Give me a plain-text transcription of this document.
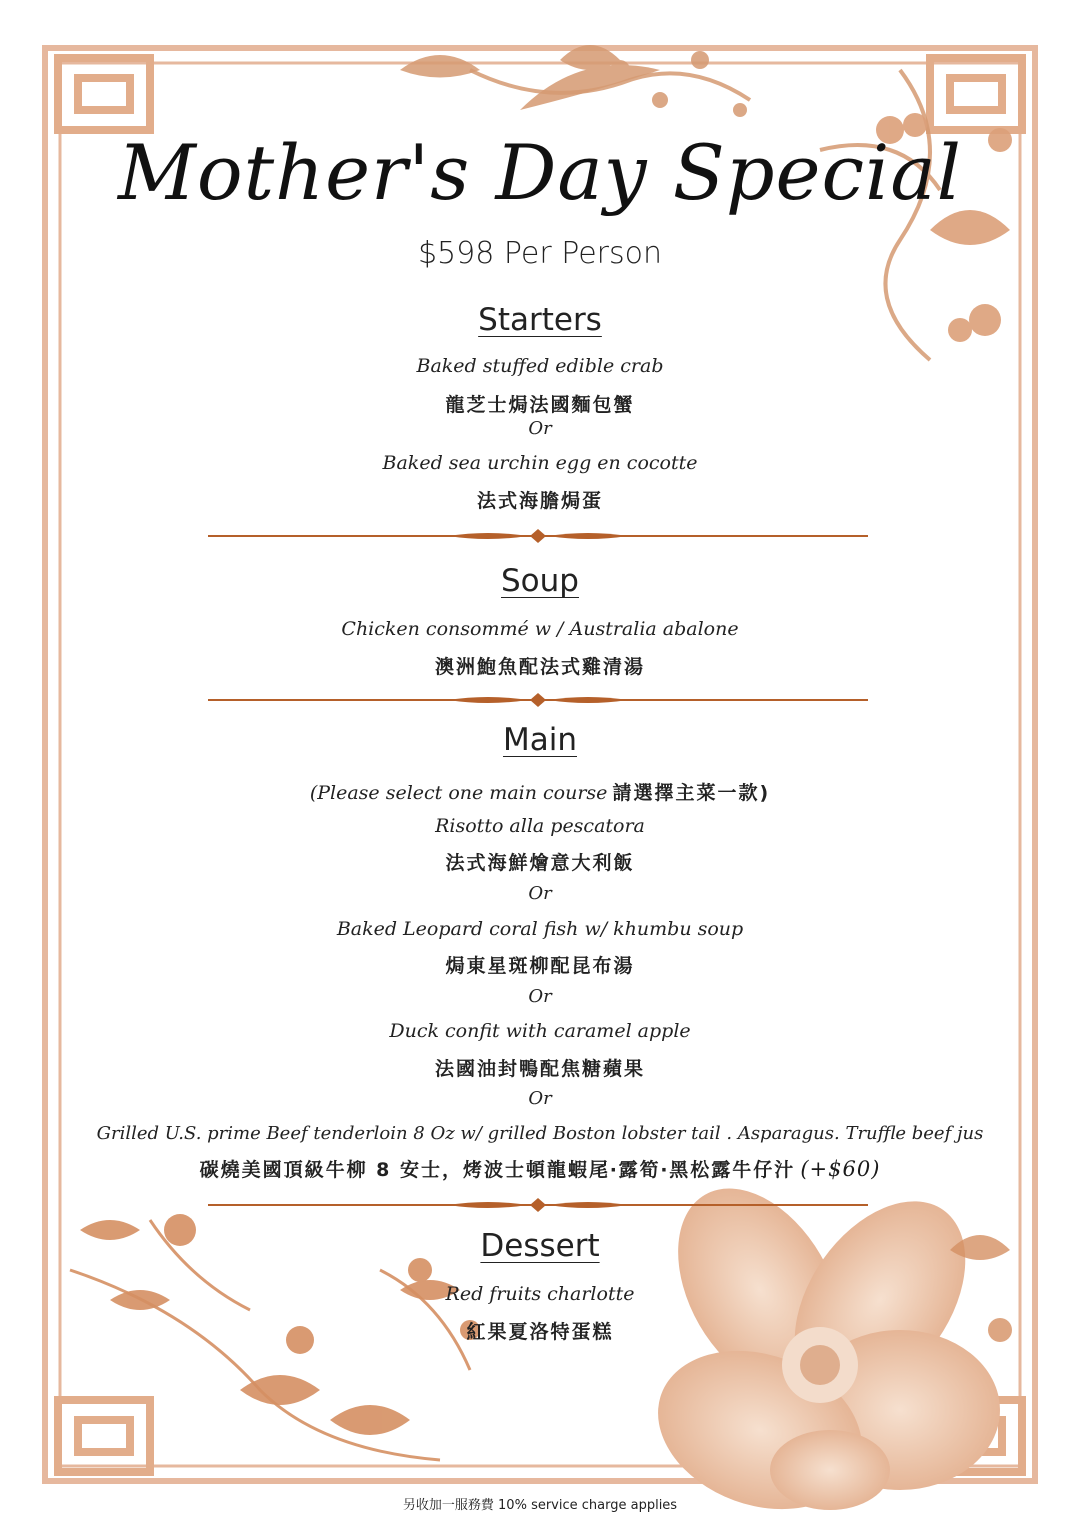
Mother's Day Special
$598 Per Person
Starters
Baked stuffed edible crab
龍芝士焗法國麵包蟹
Or
Baked sea urchin egg en cocotte
法式海膽焗蛋
Soup
Chicken consommé w / Australia abalone
澳洲鮑魚配法式雞清湯
Main
(Please select one main course 請選擇主菜一款)
Risotto alla pescatora
法式海鮮燴意大利飯
Or
Baked Leopard coral fish w/ khumbu soup
焗東星斑柳配昆布湯
Or
Duck confit with caramel apple
法國油封鴨配焦糖蘋果
Or
Grilled U.S. prime Beef tenderloin 8 Oz w/ grilled Boston lobster tail . Asparagus. Truffle beef jus
碳燒美國頂級牛柳 8 安士，烤波士頓龍蝦尾‧露筍‧黑松露牛仔汁 (+$60)
Dessert
Red fruits charlotte
紅果夏洛特蛋糕
另收加一服務費 10% service charge applies
